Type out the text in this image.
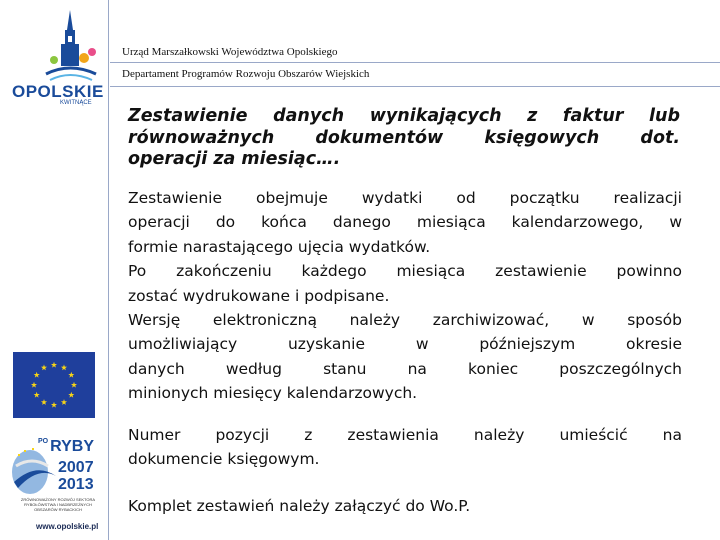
OPOLSKIE
KWITNĄCE
$^{PO}$ RYBY
2007
2013
ZRÓWNOWAŻONY ROZWÓJ SEKTORA RYBOŁÓWSTWA I NADBRZEŻNYCH OBSZARÓW RYBACKICH
www.opolskie.pl
Urząd Marszałkowski Województwa Opolskiego
Departament Programów Rozwoju Obszarów Wiejskich
Zestawienie danych wynikających z faktur lub
równoważnych dokumentów księgowych dot.
operacji za miesiąc….
Zestawienie obejmuje wydatki od początku realizacji
operacji do końca danego miesiąca kalendarzowego, w
formie narastającego ujęcia wydatków.
Po zakończeniu każdego miesiąca zestawienie powinno
zostać wydrukowane i podpisane.
Wersję elektroniczną należy zarchiwizować, w sposób
umożliwiający uzyskanie w późniejszym okresie
danych według stanu na koniec poszczególnych
minionych miesięcy kalendarzowych.
Numer pozycji z zestawienia należy umieścić na
dokumencie księgowym.
Komplet zestawień należy załączyć do Wo.P.
